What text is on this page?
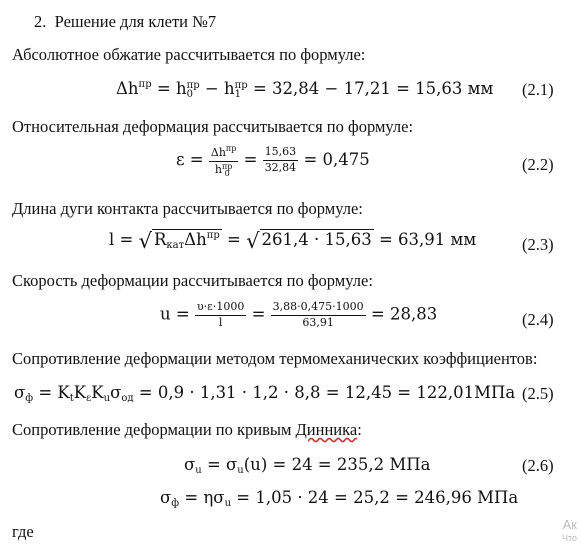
2. Решение для клети №7
Абсолютное обжатие рассчитывается по формуле:
$\Delta h^{пр} = h$ пр
0 − h пр
1 = 32,84 − 17,21 = 15,63 мм (2.1)
Относительная деформация рассчитывается по формуле:
$\varepsilon = \Delta h^{пр}$
h пр
$0 = \frac{15,63}{32,84} = 0,475$	(2.2)
Длина дуги контакта рассчитывается по формуле:
l = √ $R_{кат}\Delta h^{пр}$ = √ 261,4 · 15,63 = 63,91 мм	(2.3)
Скорость деформации рассчитывается по формуле:
$u = \frac{\upsilon\cdot\varepsilon\cdot 1000}{l} = \frac{3,88\cdot 0,475\cdot 1000}{63,91} = 28,83$	(2.4)
Сопротивление деформации методом термомеханических коэффициентов:
$\sigma_ф = K_tK_\varepsilon K_u\sigma_{од} = 0,9 \cdot 1,31 \cdot 1,2 \cdot 8,8 = 12,45 = 122,01МПа$ (2.5)
Сопротивление деформации по кривым Динника:
$\sigma_u = \sigma_u(u) = 24 = 235,2$ МПа	(2.6)
$\sigma_ф = \eta\sigma_u = 1,05 \cdot 24 = 25,2 = 246,96$ МПа
где	Ак
Что
